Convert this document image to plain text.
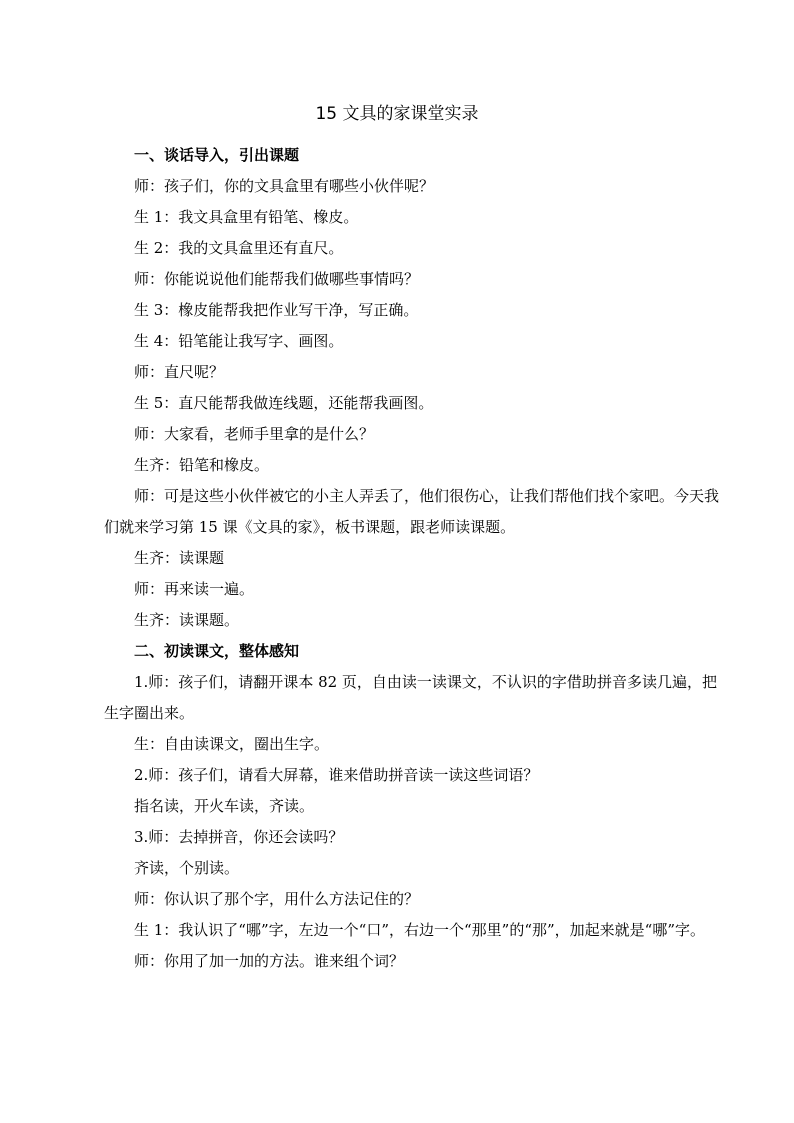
15 文具的家课堂实录
一、谈话导入，引出课题
师：孩子们，你的文具盒里有哪些小伙伴呢？
生 1：我文具盒里有铅笔、橡皮。
生 2：我的文具盒里还有直尺。
师：你能说说他们能帮我们做哪些事情吗？
生 3：橡皮能帮我把作业写干净，写正确。
生 4：铅笔能让我写字、画图。
师：直尺呢？
生 5：直尺能帮我做连线题，还能帮我画图。
师：大家看，老师手里拿的是什么？
生齐：铅笔和橡皮。
师：可是这些小伙伴被它的小主人弄丢了，他们很伤心，让我们帮他们找个家吧。今天我们就来学习第 15 课《文具的家》，板书课题，跟老师读课题。
生齐：读课题
师：再来读一遍。
生齐：读课题。
二、初读课文，整体感知
1.师：孩子们，请翻开课本 82 页，自由读一读课文，不认识的字借助拼音多读几遍，把生字圈出来。
生：自由读课文，圈出生字。
2.师：孩子们，请看大屏幕，谁来借助拼音读一读这些词语？
指名读，开火车读，齐读。
3.师：去掉拼音，你还会读吗？
齐读，个别读。
师：你认识了那个字，用什么方法记住的？
生 1：我认识了“哪”字，左边一个“口”，右边一个“那里”的“那”，加起来就是“哪”字。
师：你用了加一加的方法。谁来组个词？
